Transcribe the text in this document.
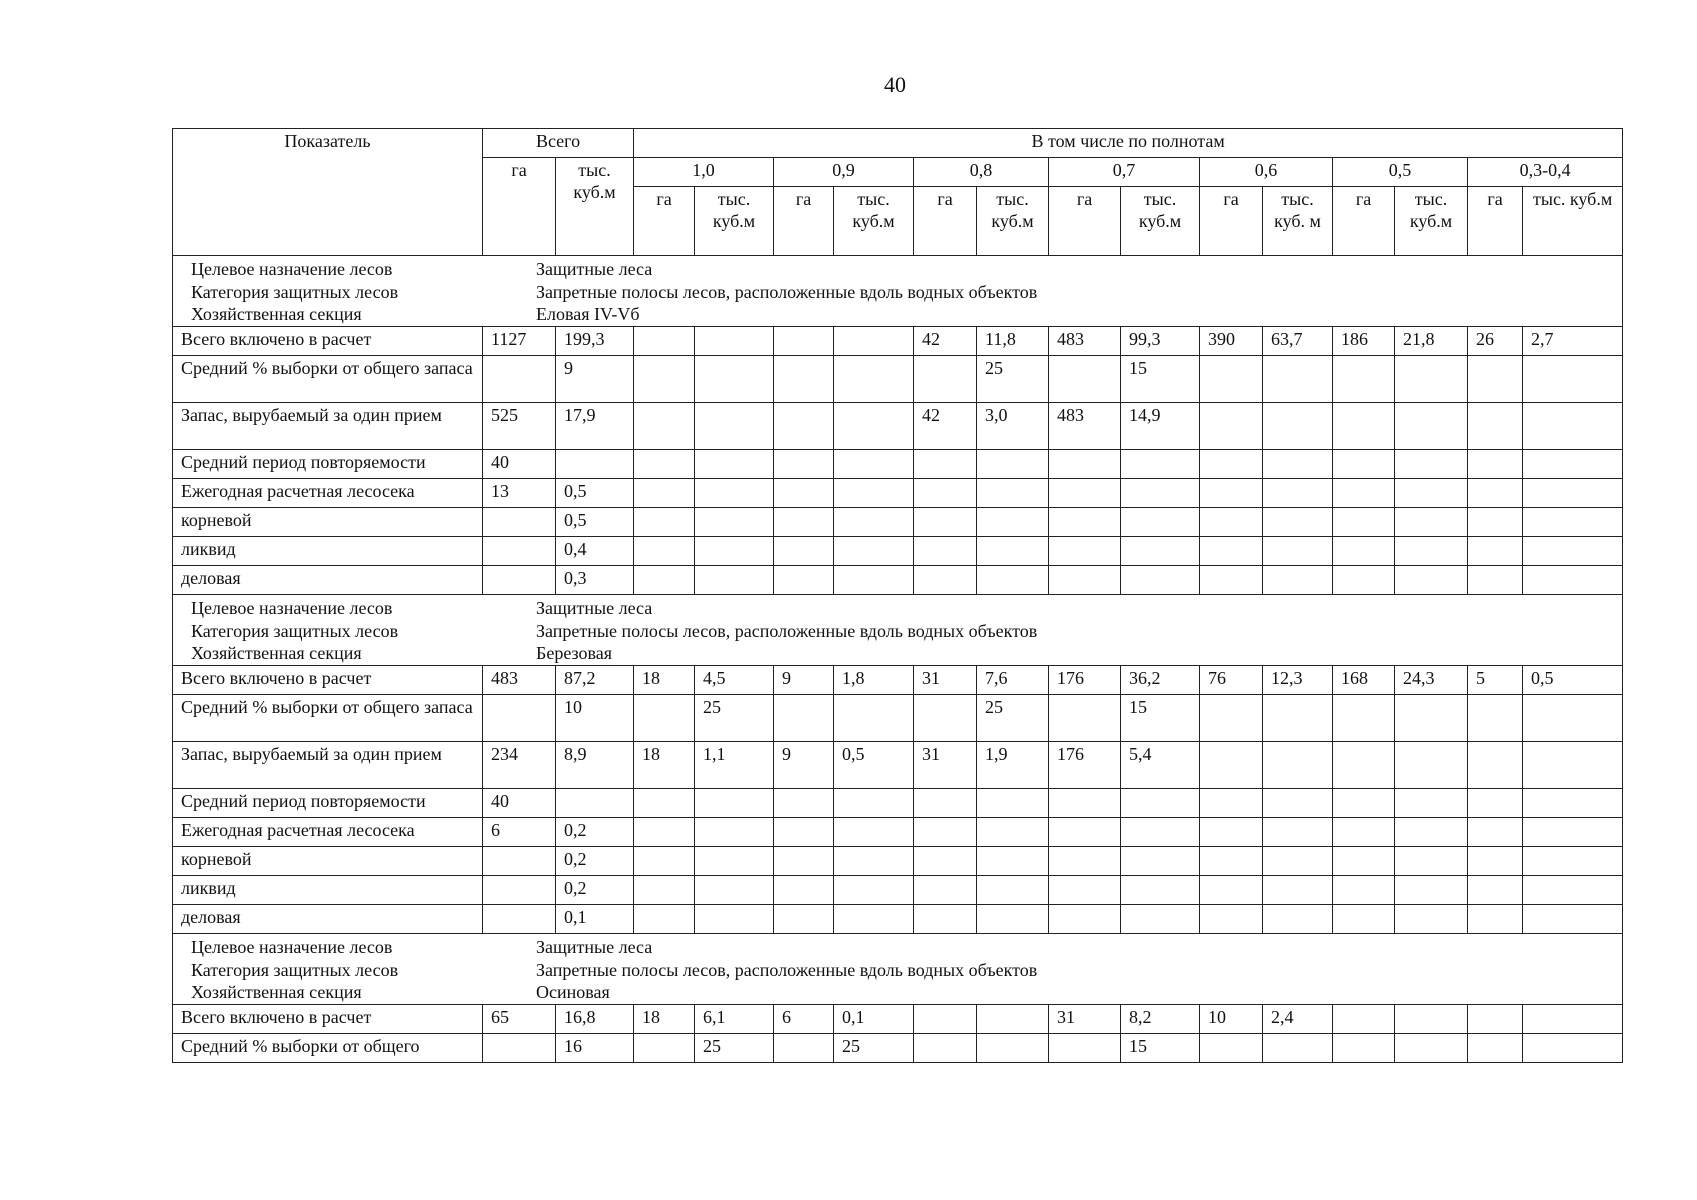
40
Показатель	Всего		В том числе по полнотам													
	га	тыс. куб.м	1,0		0,9		0,8		0,7		0,6		0,5		0,3-0,4	
			га	тыс. куб.м	га	тыс. куб.м	га	тыс. куб.м	га	тыс. куб.м	га	тыс. куб. м	га	тыс. куб.м	га	тыс. куб.м

Целевое назначение лесов Защитные леса
Категория защитных лесов Запретные полосы лесов, расположенные вдоль водных объектов
Хозяйственная секция Еловая IV-Vб																

Всего включено в расчет	1127	199,3					42	11,8	483	99,3	390	63,7	186	21,8	26	2,7
Средний % выборки от общего запаса		9						25		15						
Запас, вырубаемый за один прием	525	17,9					42	3,0	483	14,9						
Средний период повторяемости	40															
Ежегодная расчетная лесосека	13	0,5														
корневой		0,5														
ликвид		0,4														
деловая		0,3														

Целевое назначение лесов Защитные леса
Категория защитных лесов Запретные полосы лесов, расположенные вдоль водных объектов
Хозяйственная секция Березовая																

Всего включено в расчет	483	87,2	18	4,5	9	1,8	31	7,6	176	36,2	76	12,3	168	24,3	5	0,5
Средний % выборки от общего запаса		10		25				25		15						
Запас, вырубаемый за один прием	234	8,9	18	1,1	9	0,5	31	1,9	176	5,4						
Средний период повторяемости	40															
Ежегодная расчетная лесосека	6	0,2														
корневой		0,2														
ликвид		0,2														
деловая		0,1														

Целевое назначение лесов Защитные леса
Категория защитных лесов Запретные полосы лесов, расположенные вдоль водных объектов
Хозяйственная секция Осиновая																

Всего включено в расчет	65	16,8	18	6,1	6	0,1			31	8,2	10	2,4				
Средний % выборки от общего		16		25		25				15						
